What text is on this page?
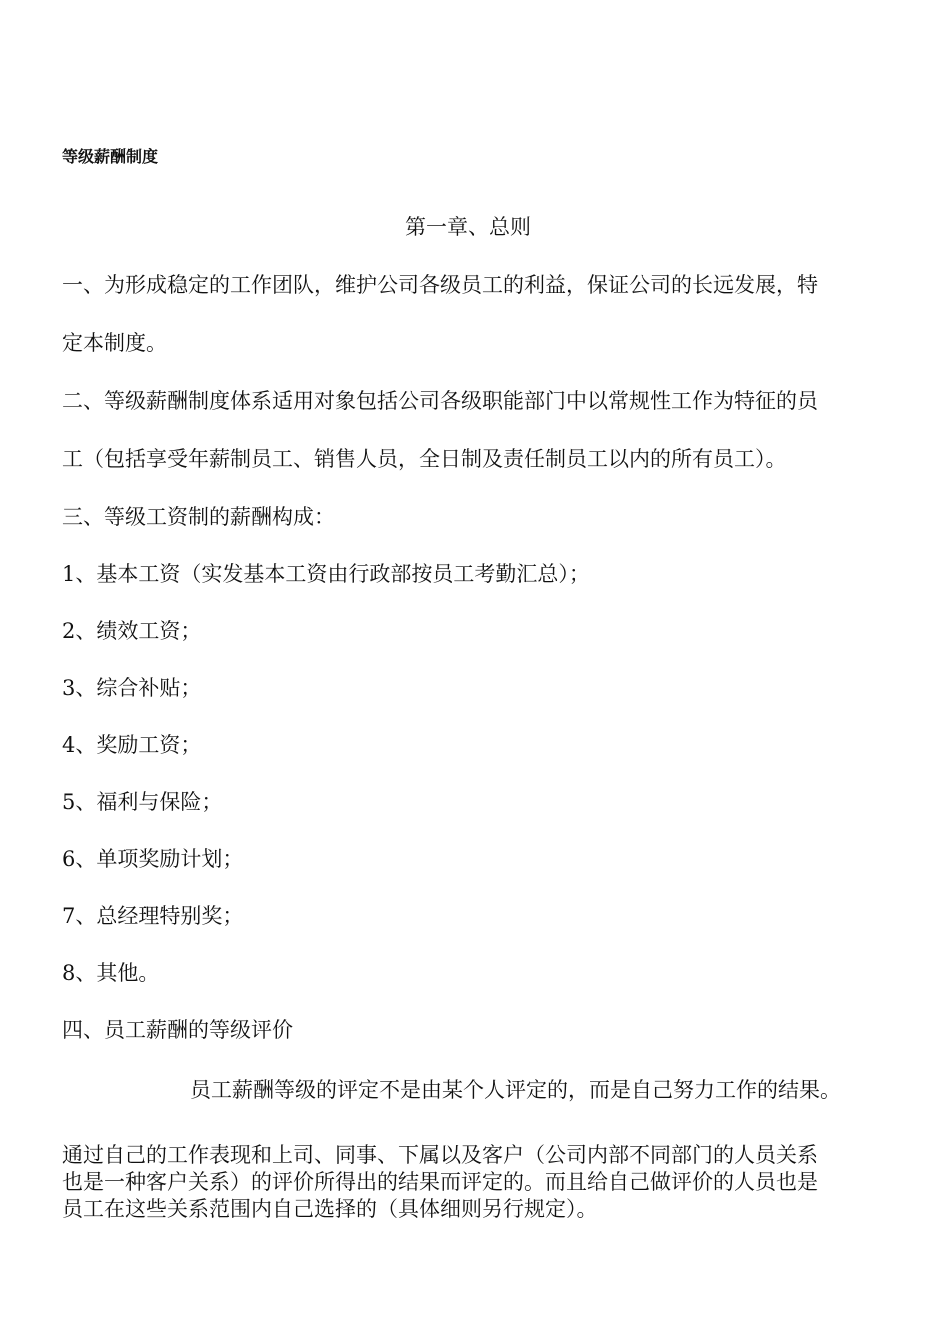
等级薪酬制度
第一章、总则
一、为形成稳定的工作团队，维护公司各级员工的利益，保证公司的长远发展，特
定本制度。
二、等级薪酬制度体系适用对象包括公司各级职能部门中以常规性工作为特征的员
工（包括享受年薪制员工、销售人员，全日制及责任制员工以内的所有员工）。
三、等级工资制的薪酬构成：
1、基本工资（实发基本工资由行政部按员工考勤汇总）；
2、绩效工资；
3、综合补贴；
4、奖励工资；
5、福利与保险；
6、单项奖励计划；
7、总经理特别奖；
8、其他。
四、员工薪酬的等级评价
员工薪酬等级的评定不是由某个人评定的，而是自己努力工作的结果。
通过自己的工作表现和上司、同事、下属以及客户（公司内部不同部门的人员关系
也是一种客户关系）的评价所得出的结果而评定的。而且给自己做评价的人员也是
员工在这些关系范围内自己选择的（具体细则另行规定）。
